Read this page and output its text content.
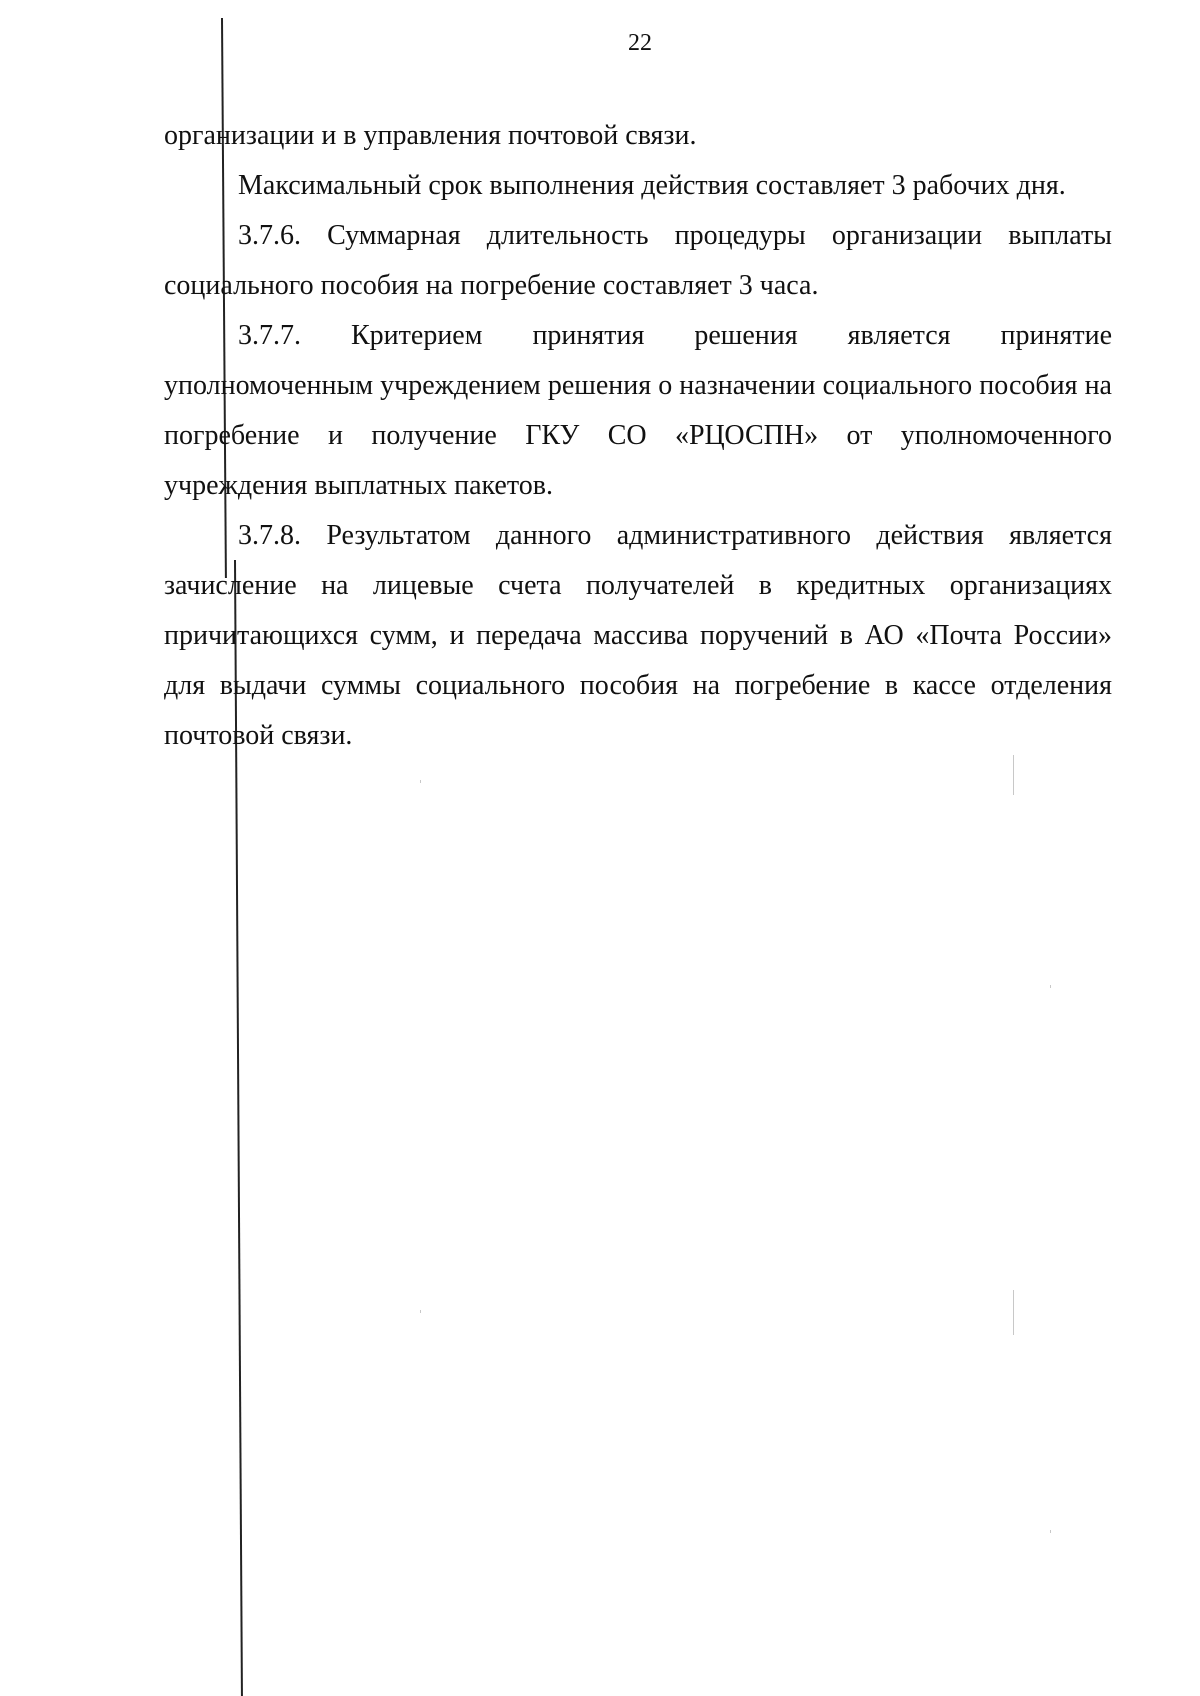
22

организации и в управления почтовой связи.

Максимальный срок выполнения действия составляет 3 рабочих дня.

3.7.6. Суммарная длительность процедуры организации выплаты социального пособия на погребение составляет 3 часа.

3.7.7. Критерием принятия решения является принятие уполномоченным учреждением решения о назначении социального пособия на погребение и получение ГКУ СО «РЦОСПН» от уполномоченного учреждения выплатных пакетов.

3.7.8. Результатом данного административного действия является зачисление на лицевые счета получателей в кредитных организациях причитающихся сумм, и передача массива поручений в АО «Почта России» для выдачи суммы социального пособия на погребение в кассе отделения почтовой связи.
